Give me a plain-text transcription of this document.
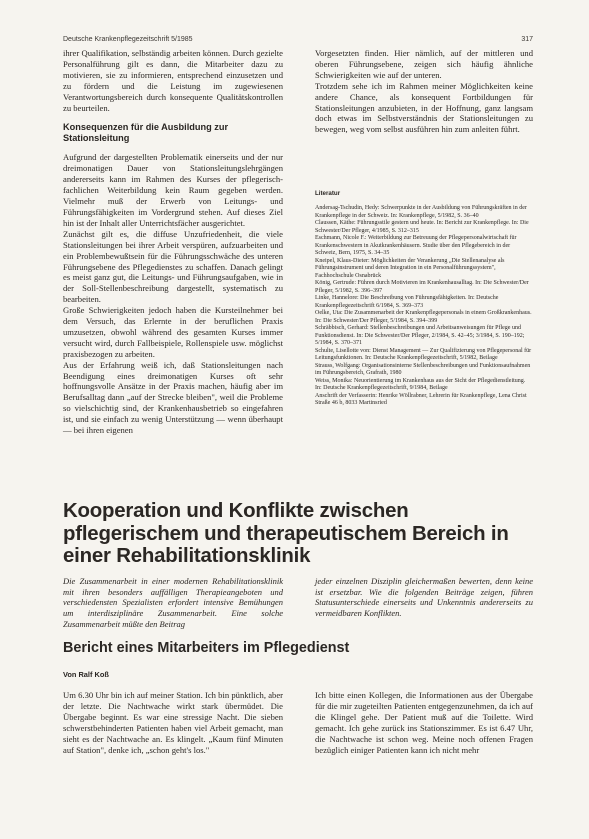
Deutsche Krankenpflegezeitschrift 5/1985	317

ihrer Qualifikation, selbständig arbeiten können. Durch gezielte Personalführung gilt es dann, die Mitarbeiter dazu zu motivieren, sie zu informieren, entsprechend einzusetzen und zu fördern und die Leistung im zugewiesenen Verantwortungsbereich durch konsequente Qualitätskontrollen zu beurteilen.

Konsequenzen für die Ausbildung zur Stationsleitung

Aufgrund der dargestellten Problematik einerseits und der nur dreimonatigen Dauer von Stationsleitungslehrgängen andererseits kann im Rahmen des Kurses der pflegerisch-fachlichen Weiterbildung kein Raum gegeben werden. Vielmehr muß der Erwerb von Leitungs- und Führungsfähigkeiten im Vordergrund stehen. Auf dieses Ziel hin ist der Inhalt aller Unterrichtsfächer ausgerichtet.

Zunächst gilt es, die diffuse Unzufriedenheit, die viele Stationsleitungen bei ihrer Arbeit verspüren, aufzuarbeiten und ein Problembewußtsein für die Führungsschwäche des unteren Führungsebene des Pflegedienstes zu schaffen. Danach gelingt es meist ganz gut, die Leitungs- und Führungsaufgaben, wie in der Soll-Stellenbeschreibung dargestellt, systematisch zu bearbeiten.

Große Schwierigkeiten jedoch haben die Kursteilnehmer bei dem Versuch, das Erlernte in der beruflichen Praxis umzusetzen, obwohl während des gesamten Kurses immer versucht wird, durch Fallbeispiele, Rollenspiele usw. möglichst praxisbezogen zu arbeiten.

Aus der Erfahrung weiß ich, daß Stationsleitungen nach Beendigung eines dreimonatigen Kurses oft sehr hoffnungsvolle Ansätze in der Praxis machen, häufig aber im Berufsalltag dann „auf der Strecke bleiben", weil die Probleme so vielschichtig sind, der Krankenhausbetrieb so eingefahren ist, und sie einfach zu wenig Unterstützung — wenn überhaupt — bei ihren eigenen

Vorgesetzten finden. Hier nämlich, auf der mittleren und oberen Führungsebene, zeigen sich häufig ähnliche Schwierigkeiten wie auf der unteren.

Trotzdem sehe ich im Rahmen meiner Möglichkeiten keine andere Chance, als konsequent Fortbildungen für Stationsleitungen anzubieten, in der Hoffnung, ganz langsam doch etwas im Selbstverständnis der Stationsleitungen zu bewegen, weg vom selbst ausführen hin zum anleiten führt.

Literatur

Andersag-Tschudin, Hedy: Schwerpunkte in der Ausbildung von Führungskräften in der Krankenpflege in der Schweiz. In: Krankenpflege, 5/1982, S. 36–40

Claussen, Käthe: Führungsstile gestern und heute. In: Bericht zur Krankenpflege. In: Die Schwester/Der Pfleger, 4/1985, S. 312–315

Eschmann, Nicole F.: Weiterbildung zur Betreuung der Pflegepersonalwirtschaft für Krankenschwestern in Akutkrankenhäusern. Studie über den Pflegebereich in der Schweiz, Bern, 1975, S. 34–35

Kneipel, Klaus-Dieter: Möglichkeiten der Verankerung „Die Stellenanalyse als Führungsinstrument und deren Integration in ein Personalführungssystem", Fachhochschule Osnabrück

König, Gertrude: Führen durch Motivieren im Krankenhausalltag. In: Die Schwester/Der Pfleger, 5/1982, S. 396–397

Linke, Hannelore: Die Beschreibung von Führungsfähigkeiten. In: Deutsche Krankenpflegezeitschrift 6/1984, S. 369–373

Oelke, Uta: Die Zusammenarbeit der Krankenpflegepersonals in einem Großkrankenhaus. In: Die Schwester/Der Pfleger, 5/1984, S. 394–399

Schräbbisch, Gerhard: Stellenbeschreibungen und Arbeitsanweisungen für Pflege und Funktionsdienst. In: Die Schwester/Der Pfleger, 2/1984, S. 42–45; 3/1984, S. 190–192; 5/1984, S. 370–371

Schulte, Lisellotte von: Dienst Management — Zur Qualifizierung von Pflegepersonal für Leitungsfunktionen. In: Deutsche Krankenpflegezeitschrift, 5/1982, Beilage

Strauss, Wolfgang: Organisationsinterne Stellenbeschreibungen und Funktionsaufnahmen im Führungsbereich, Grafrath, 1980

Weiss, Monika: Neuorientierung im Krankenhaus aus der Sicht der Pflegedienstleitung. In: Deutsche Krankenpflegezeitschrift, 9/1984, Beilage

Anschrift der Verfasserin: Henrike Wöllrabner, Lehrerin für Krankenpflege, Lena Christ Straße 46 b, 8033 Martinsried

Kooperation und Konflikte zwischen pflegerischem und therapeutischem Bereich in einer Rehabilitationsklinik
Die Zusammenarbeit in einer modernen Rehabilitationsklinik mit ihren besonders auffälligen Therapieangeboten und verschiedensten Spezialisten erfordert intensive Bemühungen um interdisziplinäre Zusammenarbeit. Eine solche Zusammenarbeit müßte den Beitrag
jeder einzelnen Disziplin gleichermaßen bewerten, denn keine ist ersetzbar. Wie die folgenden Beiträge zeigen, führen Statusunterschiede einerseits und Unkenntnis andererseits zu vermeidbaren Konflikten.
Bericht eines Mitarbeiters im Pflegedienst
Von Ralf Koß

Um 6.30 Uhr bin ich auf meiner Station. Ich bin pünktlich, aber der letzte. Die Nachtwache wirkt stark übermüdet. Die Übergabe beginnt. Es war eine stressige Nacht. Die sieben schwerstbehinderten Patienten haben viel Arbeit gemacht, man sieht es der Nachtwache an. Es klingelt. „Kaum fünf Minuten auf Station", denke ich, „schon geht's los."

Ich bitte einen Kollegen, die Informationen aus der Übergabe für die mir zugeteilten Patienten entgegenzunehmen, da ich auf die Klingel gehe. Der Patient muß auf die Toilette. Wird gemacht. Ich gehe zurück ins Stationszimmer. Es ist 6.47 Uhr, die Nachtwache ist schon weg. Meine noch offenen Fragen bezüglich einiger Patienten kann ich nicht mehr
